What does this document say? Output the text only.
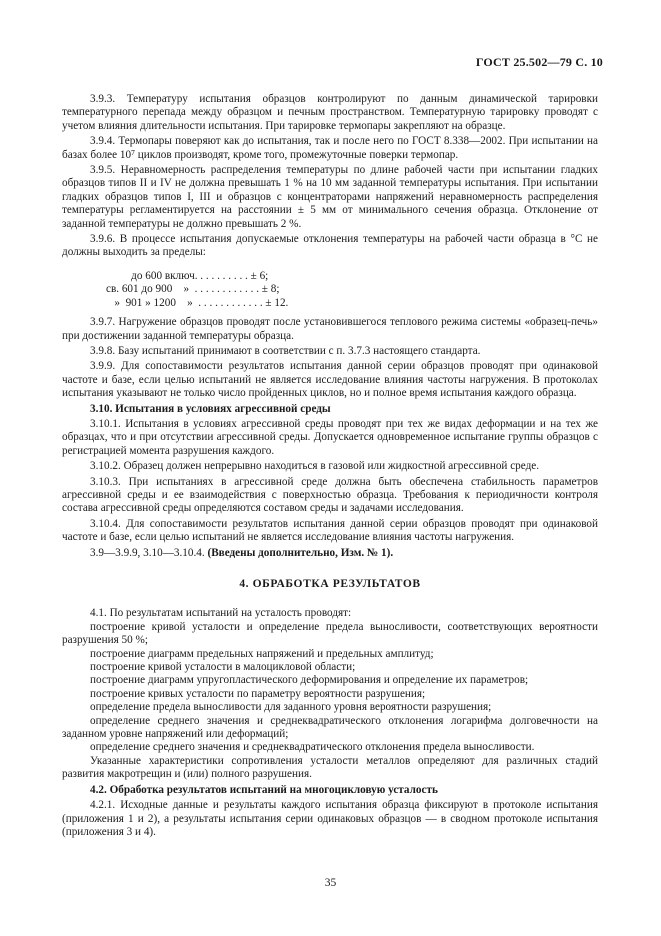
ГОСТ 25.502—79 С. 10

3.9.3. Температуру испытания образцов контролируют по данным динамической тарировки температурного перепада между образцом и печным пространством. Температурную тарировку проводят с учетом влияния длительности испытания. При тарировке термопары закрепляют на образце.

3.9.4. Термопары поверяют как до испытания, так и после него по ГОСТ 8.338—2002. При испытании на базах более 10⁷ циклов производят, кроме того, промежуточные поверки термопар.

3.9.5. Неравномерность распределения температуры по длине рабочей части при испытании гладких образцов типов II и IV не должна превышать 1 % на 10 мм заданной температуры испытания. При испытании гладких образцов типов I, III и образцов с концентраторами напряжений неравномерность распределения температуры регламентируется на расстоянии ± 5 мм от минимального сечения образца. Отклонение от заданной температуры не должно превышать 2 %.

3.9.6. В процессе испытания допускаемые отклонения температуры на рабочей части образца в °С не должны выходить за пределы:

до 600 включ. . . . . . . . . . ± 6;
св. 601 до 900    »  . . . . . . . . . . . . ± 8;
»  901 » 1200    »  . . . . . . . . . . . . ± 12.

3.9.7. Нагружение образцов проводят после установившегося теплового режима системы «образец-печь» при достижении заданной температуры образца.

3.9.8. Базу испытаний принимают в соответствии с п. 3.7.3 настоящего стандарта.

3.9.9. Для сопоставимости результатов испытания данной серии образцов проводят при одинаковой частоте и базе, если целью испытаний не является исследование влияния частоты нагружения. В протоколах испытания указывают не только число пройденных циклов, но и полное время испытания каждого образца.

3.10. Испытания в условиях агрессивной среды

3.10.1. Испытания в условиях агрессивной среды проводят при тех же видах деформации и на тех же образцах, что и при отсутствии агрессивной среды. Допускается одновременное испытание группы образцов с регистрацией момента разрушения каждого.

3.10.2. Образец должен непрерывно находиться в газовой или жидкостной агрессивной среде.

3.10.3. При испытаниях в агрессивной среде должна быть обеспечена стабильность параметров агрессивной среды и ее взаимодействия с поверхностью образца. Требования к периодичности контроля состава агрессивной среды определяются составом среды и задачами исследования.

3.10.4. Для сопоставимости результатов испытания данной серии образцов проводят при одинаковой частоте и базе, если целью испытаний не является исследование влияния частоты нагружения.

3.9—3.9.9, 3.10—3.10.4. (Введены дополнительно, Изм. № 1).

4. ОБРАБОТКА РЕЗУЛЬТАТОВ

4.1. По результатам испытаний на усталость проводят:

построение кривой усталости и определение предела выносливости, соответствующих вероятности разрушения 50 %;

построение диаграмм предельных напряжений и предельных амплитуд;

построение кривой усталости в малоцикловой области;

построение диаграмм упругопластического деформирования и определение их параметров;

построение кривых усталости по параметру вероятности разрушения;

определение предела выносливости для заданного уровня вероятности разрушения;

определение среднего значения и среднеквадратического отклонения логарифма долговечности на заданном уровне напряжений или деформаций;

определение среднего значения и среднеквадратического отклонения предела выносливости.

Указанные характеристики сопротивления усталости металлов определяют для различных стадий развития макротрещин и (или) полного разрушения.

4.2. Обработка результатов испытаний на многоцикловую усталость

4.2.1. Исходные данные и результаты каждого испытания образца фиксируют в протоколе испытания (приложения 1 и 2), а результаты испытания серии одинаковых образцов — в сводном протоколе испытания (приложения 3 и 4).

35
